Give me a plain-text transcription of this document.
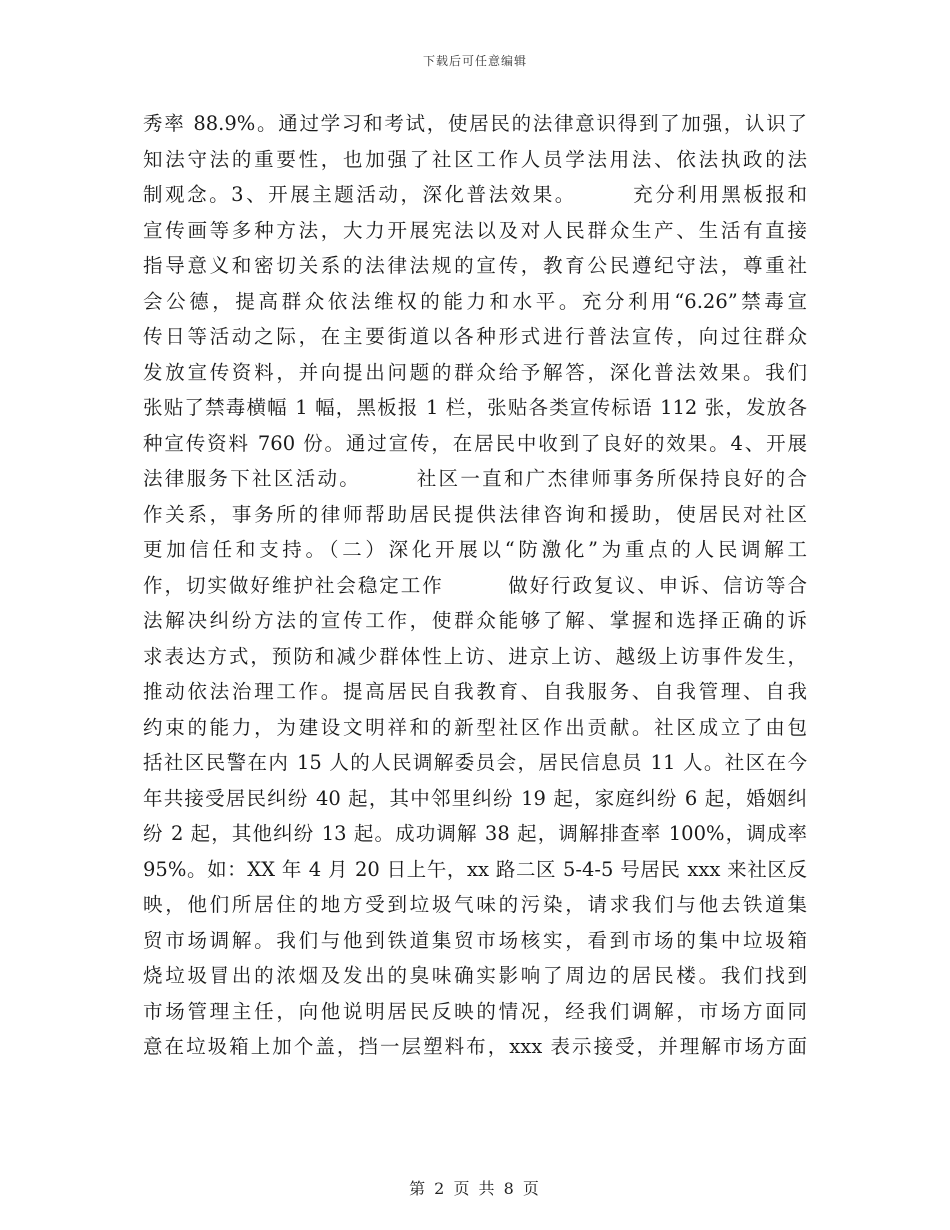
下载后可任意编辑
秀率 88.9%。通过学习和考试，使居民的法律意识得到了加强，认识了
知法守法的重要性，也加强了社区工作人员学法用法、依法执政的法
制观念。3、开展主题活动，深化普法效果。　　　充分利用黑板报和
宣传画等多种方法，大力开展宪法以及对人民群众生产、生活有直接
指导意义和密切关系的法律法规的宣传，教育公民遵纪守法，尊重社
会公德，提高群众依法维权的能力和水平。充分利用“6.26”禁毒宣
传日等活动之际，在主要街道以各种形式进行普法宣传，向过往群众
发放宣传资料，并向提出问题的群众给予解答，深化普法效果。我们
张贴了禁毒横幅 1 幅，黑板报 1 栏，张贴各类宣传标语 112 张，发放各
种宣传资料 760 份。通过宣传，在居民中收到了良好的效果。4、开展
法律服务下社区活动。　　　社区一直和广杰律师事务所保持良好的合
作关系，事务所的律师帮助居民提供法律咨询和援助，使居民对社区
更加信任和支持。（二）深化开展以“防激化”为重点的人民调解工
作，切实做好维护社会稳定工作　　　做好行政复议、申诉、信访等合
法解决纠纷方法的宣传工作，使群众能够了解、掌握和选择正确的诉
求表达方式，预防和减少群体性上访、进京上访、越级上访事件发生，
推动依法治理工作。提高居民自我教育、自我服务、自我管理、自我
约束的能力，为建设文明祥和的新型社区作出贡献。社区成立了由包
括社区民警在内 15 人的人民调解委员会，居民信息员 11 人。社区在今
年共接受居民纠纷 40 起，其中邻里纠纷 19 起，家庭纠纷 6 起，婚姻纠
纷 2 起，其他纠纷 13 起。成功调解 38 起，调解排查率 100%，调成率
95%。如：XX 年 4 月 20 日上午，xx 路二区 5-4-5 号居民 xxx 来社区反
映，他们所居住的地方受到垃圾气味的污染，请求我们与他去铁道集
贸市场调解。我们与他到铁道集贸市场核实，看到市场的集中垃圾箱
烧垃圾冒出的浓烟及发出的臭味确实影响了周边的居民楼。我们找到
市场管理主任，向他说明居民反映的情况，经我们调解，市场方面同
意在垃圾箱上加个盖，挡一层塑料布，xxx 表示接受，并理解市场方面
第 2 页 共 8 页
